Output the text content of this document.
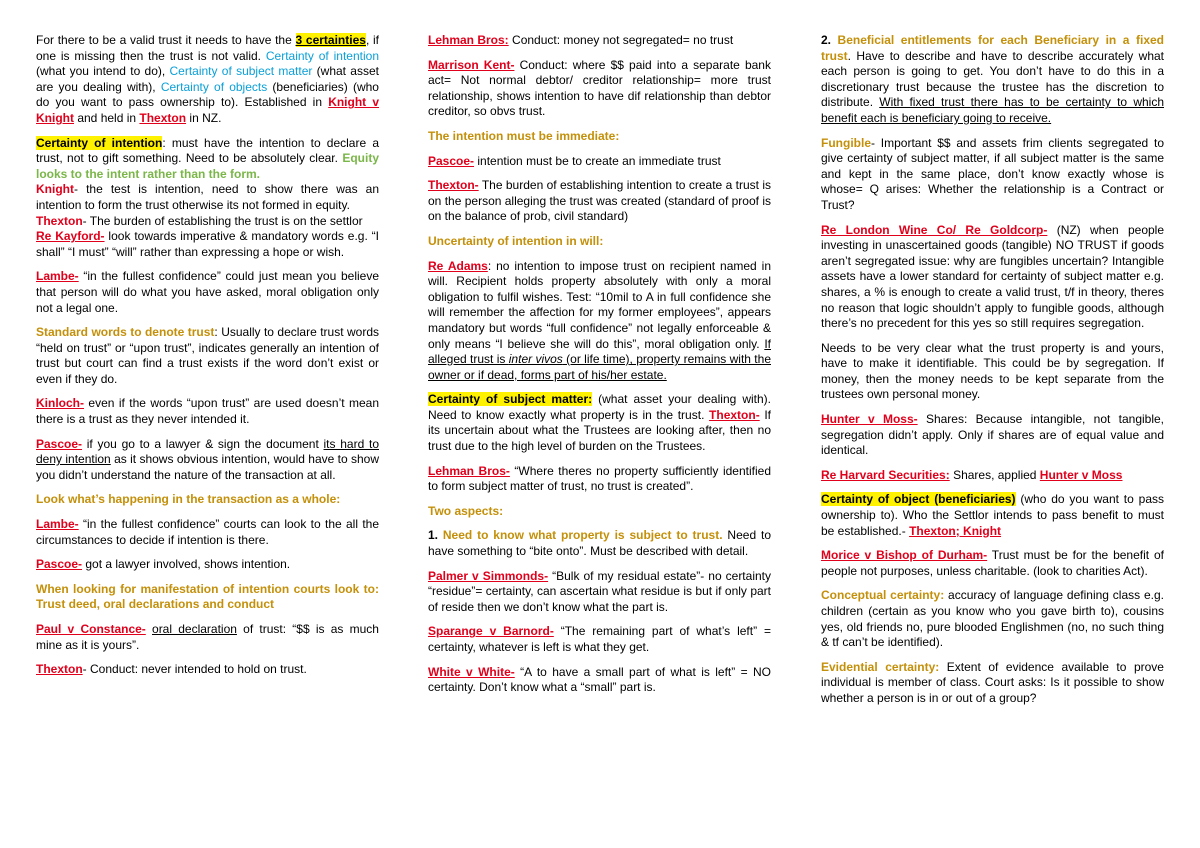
For there to be a valid trust it needs to have the 3 certainties, if one is missing then the trust is not valid. Certainty of intention (what you intend to do), Certainty of subject matter (what asset are you dealing with), Certainty of objects (beneficiaries) (who do you want to pass ownership to). Established in Knight v Knight and held in Thexton in NZ.

Certainty of intention: must have the intention to declare a trust, not to gift something. Need to be absolutely clear. Equity looks to the intent rather than the form.

Knight- the test is intention, need to show there was an intention to form the trust otherwise its not formed in equity.

Thexton- The burden of establishing the trust is on the settlor

Re Kayford- look towards imperative & mandatory words e.g. “I shall” “I must” “will” rather than expressing a hope or wish.

Lambe- “in the fullest confidence” could just mean you believe that person will do what you have asked, moral obligation only not a legal one.

Standard words to denote trust: Usually to declare trust words “held on trust” or “upon trust”, indicates generally an intention of trust but court can find a trust exists if the word don’t exist or even if they do.

Kinloch- even if the words “upon trust” are used doesn’t mean there is a trust as they never intended it.

Pascoe- if you go to a lawyer & sign the document its hard to deny intention as it shows obvious intention, would have to show you didn’t understand the nature of the transaction at all.

Look what’s happening in the transaction as a whole:

Lambe- “in the fullest confidence” courts can look to the all the circumstances to decide if intention is there.

Pascoe- got a lawyer involved, shows intention.

When looking for manifestation of intention courts look to: Trust deed, oral declarations and conduct

Paul v Constance- oral declaration of trust: “$$ is as much mine as it is yours”.

Thexton- Conduct: never intended to hold on trust.

Lehman Bros: Conduct: money not segregated= no trust

Marrison Kent- Conduct: where $$ paid into a separate bank act= Not normal debtor/ creditor relationship= more trust relationship, shows intention to have dif relationship than debtor creditor, so obvs trust.

The intention must be immediate:

Pascoe- intention must be to create an immediate trust

Thexton- The burden of establishing intention to create a trust is on the person alleging the trust was created (standard of proof is on the balance of prob, civil standard)

Uncertainty of intention in will:

Re Adams: no intention to impose trust on recipient named in will. Recipient holds property absolutely with only a moral obligation to fulfil wishes. Test: “10mil to A in full confidence she will remember the affection for my former employees”, appears mandatory but words “full confidence” not legally enforceable & only means “I believe she will do this”, moral obligation only. If alleged trust is inter vivos (or life time), property remains with the owner or if dead, forms part of his/her estate.

Certainty of subject matter: (what asset your dealing with). Need to know exactly what property is in the trust. Thexton- If its uncertain about what the Trustees are looking after, then no trust due to the high level of burden on the Trustees.

Lehman Bros- “Where theres no property sufficiently identified to form subject matter of trust, no trust is created”.

Two aspects:

1. Need to know what property is subject to trust. Need to have something to “bite onto”. Must be described with detail.

Palmer v Simmonds- “Bulk of my residual estate”- no certainty “residue”= certainty, can ascertain what residue is but if only part of reside then we don’t know what the part is.

Sparange v Barnord- “The remaining part of what’s left” = certainty, whatever is left is what they get.

White v White- “A to have a small part of what is left” = NO certainty. Don’t know what a “small” part is.

2. Beneficial entitlements for each Beneficiary in a fixed trust. Have to describe and have to describe accurately what each person is going to get. You don’t have to do this in a discretionary trust because the trustee has the discretion to distribute. With fixed trust there has to be certainty to which benefit each is beneficiary going to receive.

Fungible- Important $$ and assets frim clients segregated to give certainty of subject matter, if all subject matter is the same and kept in the same place, don’t know exactly whose is whose= Q arises: Whether the relationship is a Contract or Trust?

Re London Wine Co/ Re Goldcorp- (NZ) when people investing in unascertained goods (tangible) NO TRUST if goods aren’t segregated issue: why are fungibles uncertain? Intangible assets have a lower standard for certainty of subject matter e.g. shares, a % is enough to create a valid trust, t/f in theory, theres no reason that logic shouldn’t apply to fungible goods, although there’s no precedent for this yes so still requires segregation.

Needs to be very clear what the trust property is and yours, have to make it identifiable. This could be by segregation. If money, then the money needs to be kept separate from the trustees own personal money.

Hunter v Moss- Shares: Because intangible, not tangible, segregation didn’t apply. Only if shares are of equal value and identical.

Re Harvard Securities: Shares, applied Hunter v Moss

Certainty of object (beneficiaries) (who do you want to pass ownership to). Who the Settlor intends to pass benefit to must be established.- Thexton; Knight

Morice v Bishop of Durham- Trust must be for the benefit of people not purposes, unless charitable. (look to charities Act).

Conceptual certainty: accuracy of language defining class e.g. children (certain as you know who you gave birth to), cousins yes, old friends no, pure blooded Englishmen (no, no such thing & tf can’t be identified).

Evidential certainty: Extent of evidence available to prove individual is member of class. Court asks: Is it possible to show whether a person is in or out of a group?
